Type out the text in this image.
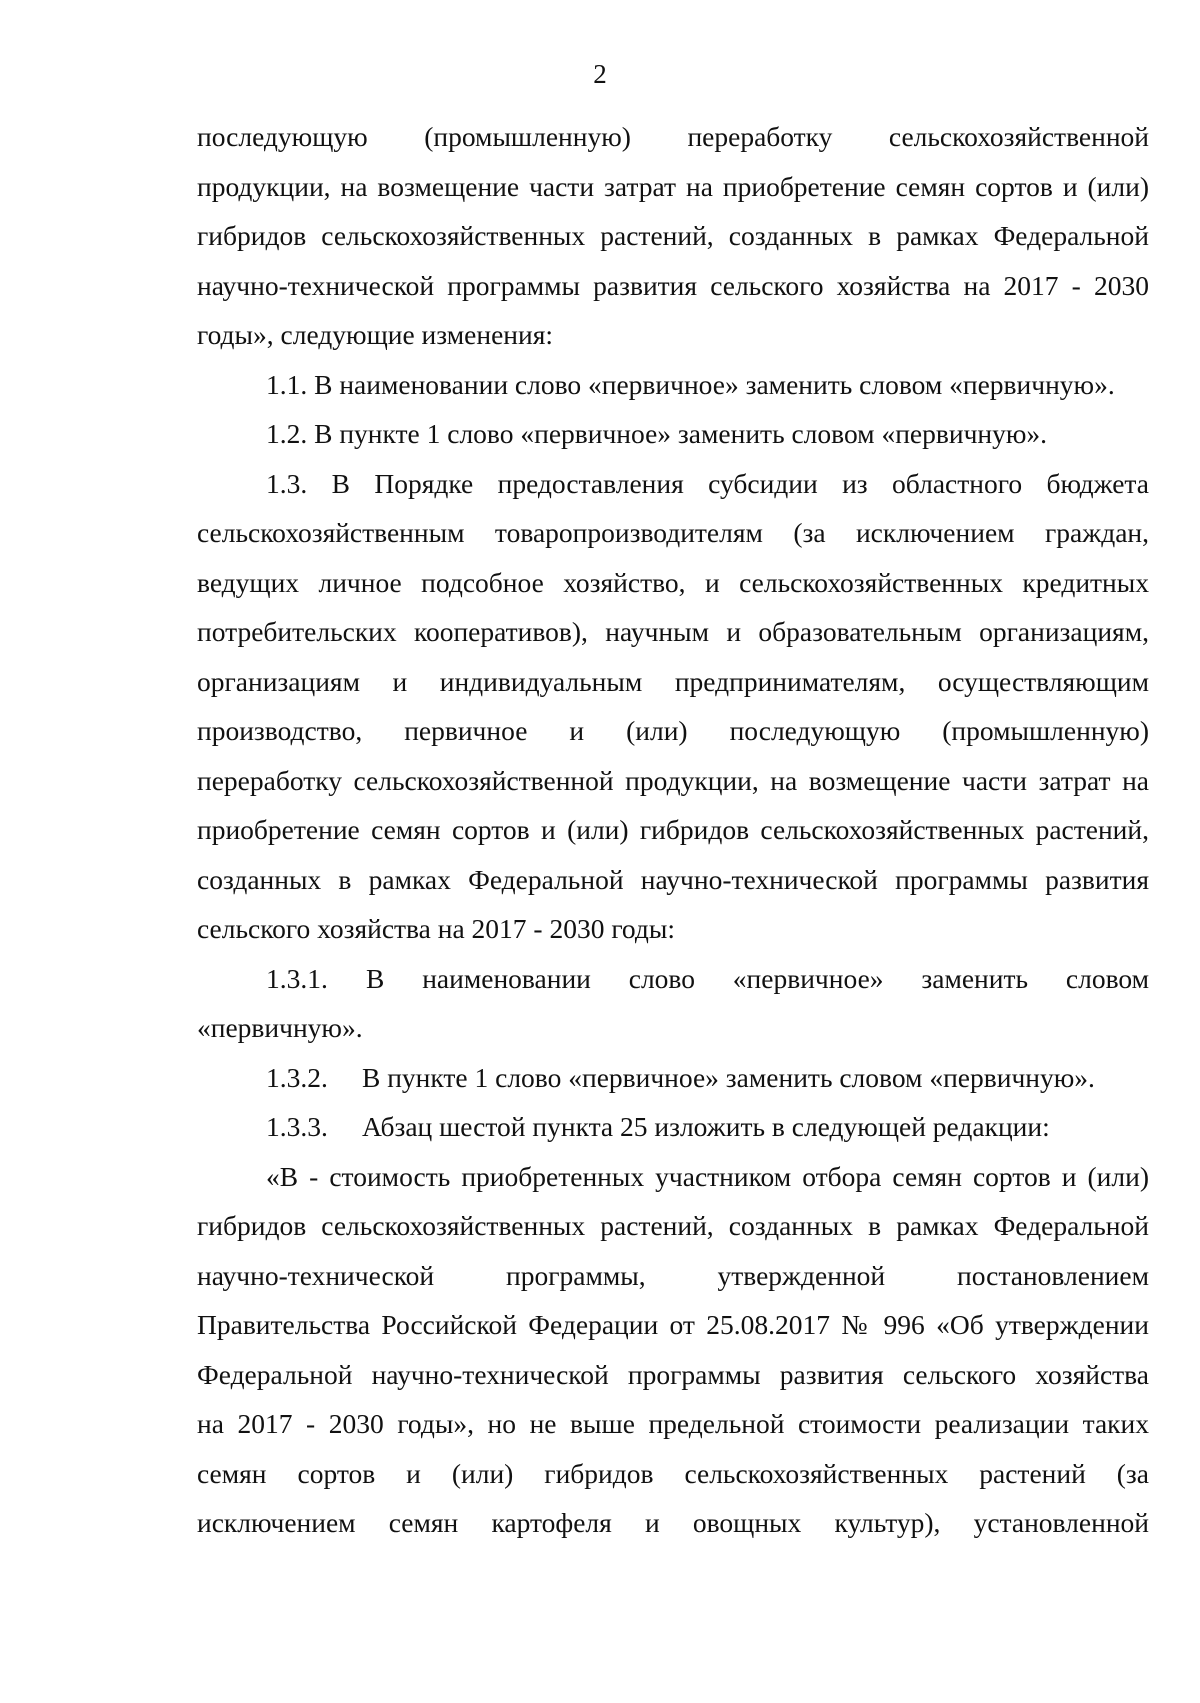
2
последующую (промышленную) переработку сельскохозяйственной
продукции, на возмещение части затрат на приобретение семян сортов и (или)
гибридов сельскохозяйственных растений, созданных в рамках Федеральной
научно-технической программы развития сельского хозяйства на 2017 - 2030
годы», следующие изменения:
1.1. В наименовании слово «первичное» заменить словом «первичную».
1.2. В пункте 1 слово «первичное» заменить словом «первичную».
1.3. В Порядке предоставления субсидии из областного бюджета
сельскохозяйственным товаропроизводителям (за исключением граждан,
ведущих личное подсобное хозяйство, и сельскохозяйственных кредитных
потребительских кооперативов), научным и образовательным организациям,
организациям и индивидуальным предпринимателям, осуществляющим
производство, первичное и (или) последующую (промышленную)
переработку сельскохозяйственной продукции, на возмещение части затрат на
приобретение семян сортов и (или) гибридов сельскохозяйственных растений,
созданных в рамках Федеральной научно-технической программы развития
сельского хозяйства на 2017 - 2030 годы:
1.3.1.	В наименовании слово «первичное» заменить словом
«первичную».
1.3.2. В пункте 1 слово «первичное» заменить словом «первичную».
1.3.3. Абзац шестой пункта 25 изложить в следующей редакции:
«В - стоимость приобретенных участником отбора семян сортов и (или)
гибридов сельскохозяйственных растений, созданных в рамках Федеральной
научно-технической программы, утвержденной постановлением
Правительства Российской Федерации от 25.08.2017 № 996 «Об утверждении
Федеральной научно-технической программы развития сельского хозяйства
на 2017 - 2030 годы», но не выше предельной стоимости реализации таких
семян сортов и (или) гибридов сельскохозяйственных растений (за
исключением семян картофеля и овощных культур), установленной
